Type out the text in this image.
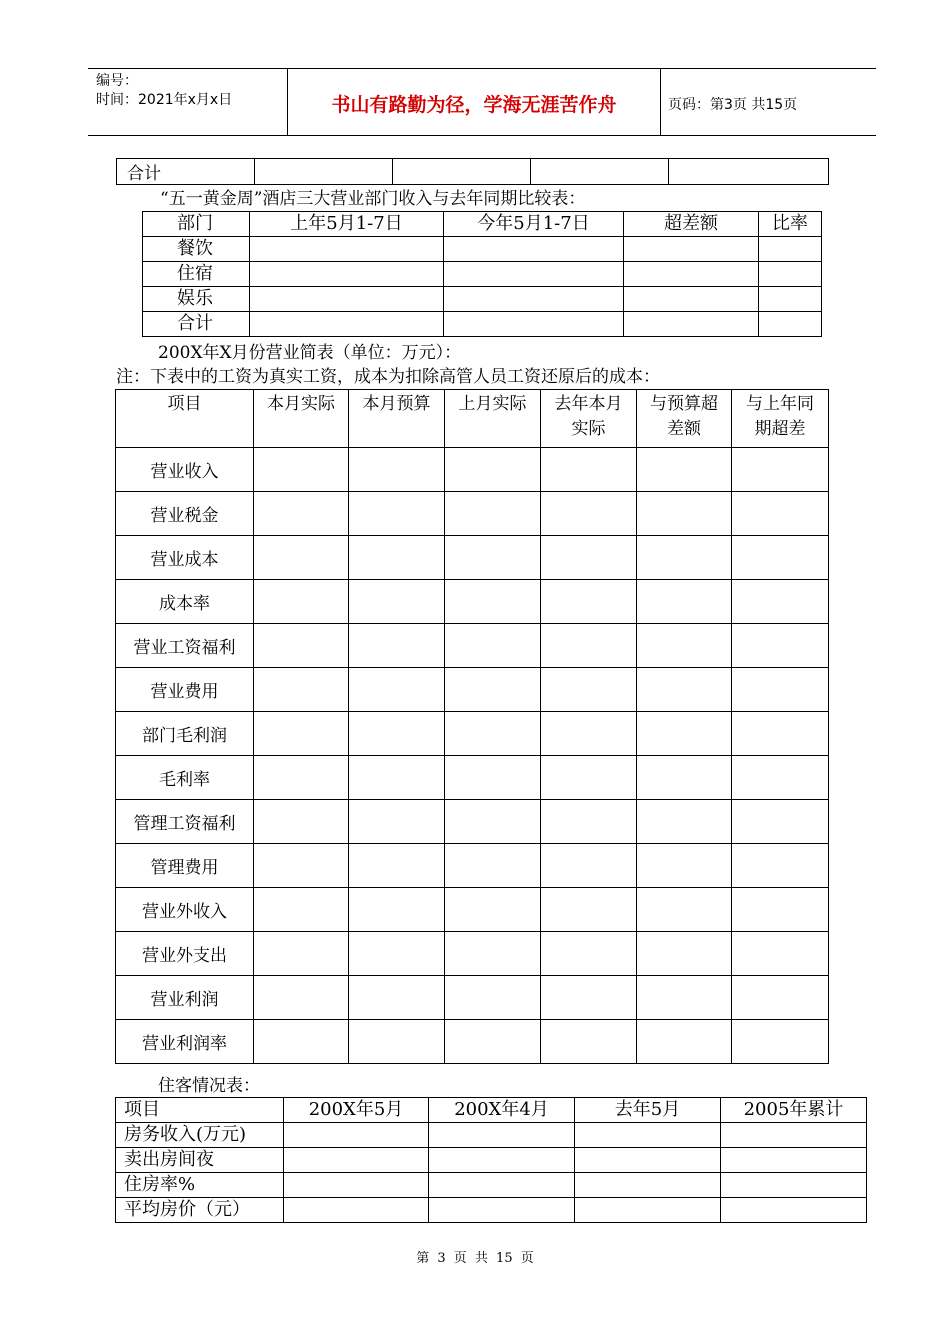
编号：
时间：2021年x月x日	书山有路勤为径，学海无涯苦作舟	页码：第3页 共15页
合计				
“五一黄金周”酒店三大营业部门收入与去年同期比较表：
部门	上年5月1-7日	今年5月1-7日	超差额	比率
餐饮				
住宿				
娱乐				
合计				
200X年X月份营业简表（单位：万元）：
注：下表中的工资为真实工资，成本为扣除高管人员工资还原后的成本：
项目	本月实际	本月预算	上月实际	去年本月实际	与预算超差额	与上年同期超差
营业收入						
营业税金						
营业成本						
成本率						
营业工资福利						
营业费用						
部门毛利润						
毛利率						
管理工资福利						
管理费用						
营业外收入						
营业外支出						
营业利润						
营业利润率						
住客情况表：
项目	200X年5月	200X年4月	去年5月	2005年累计
房务收入(万元)				
卖出房间夜				
住房率%				
平均房价（元）				
第 3 页 共 15 页
